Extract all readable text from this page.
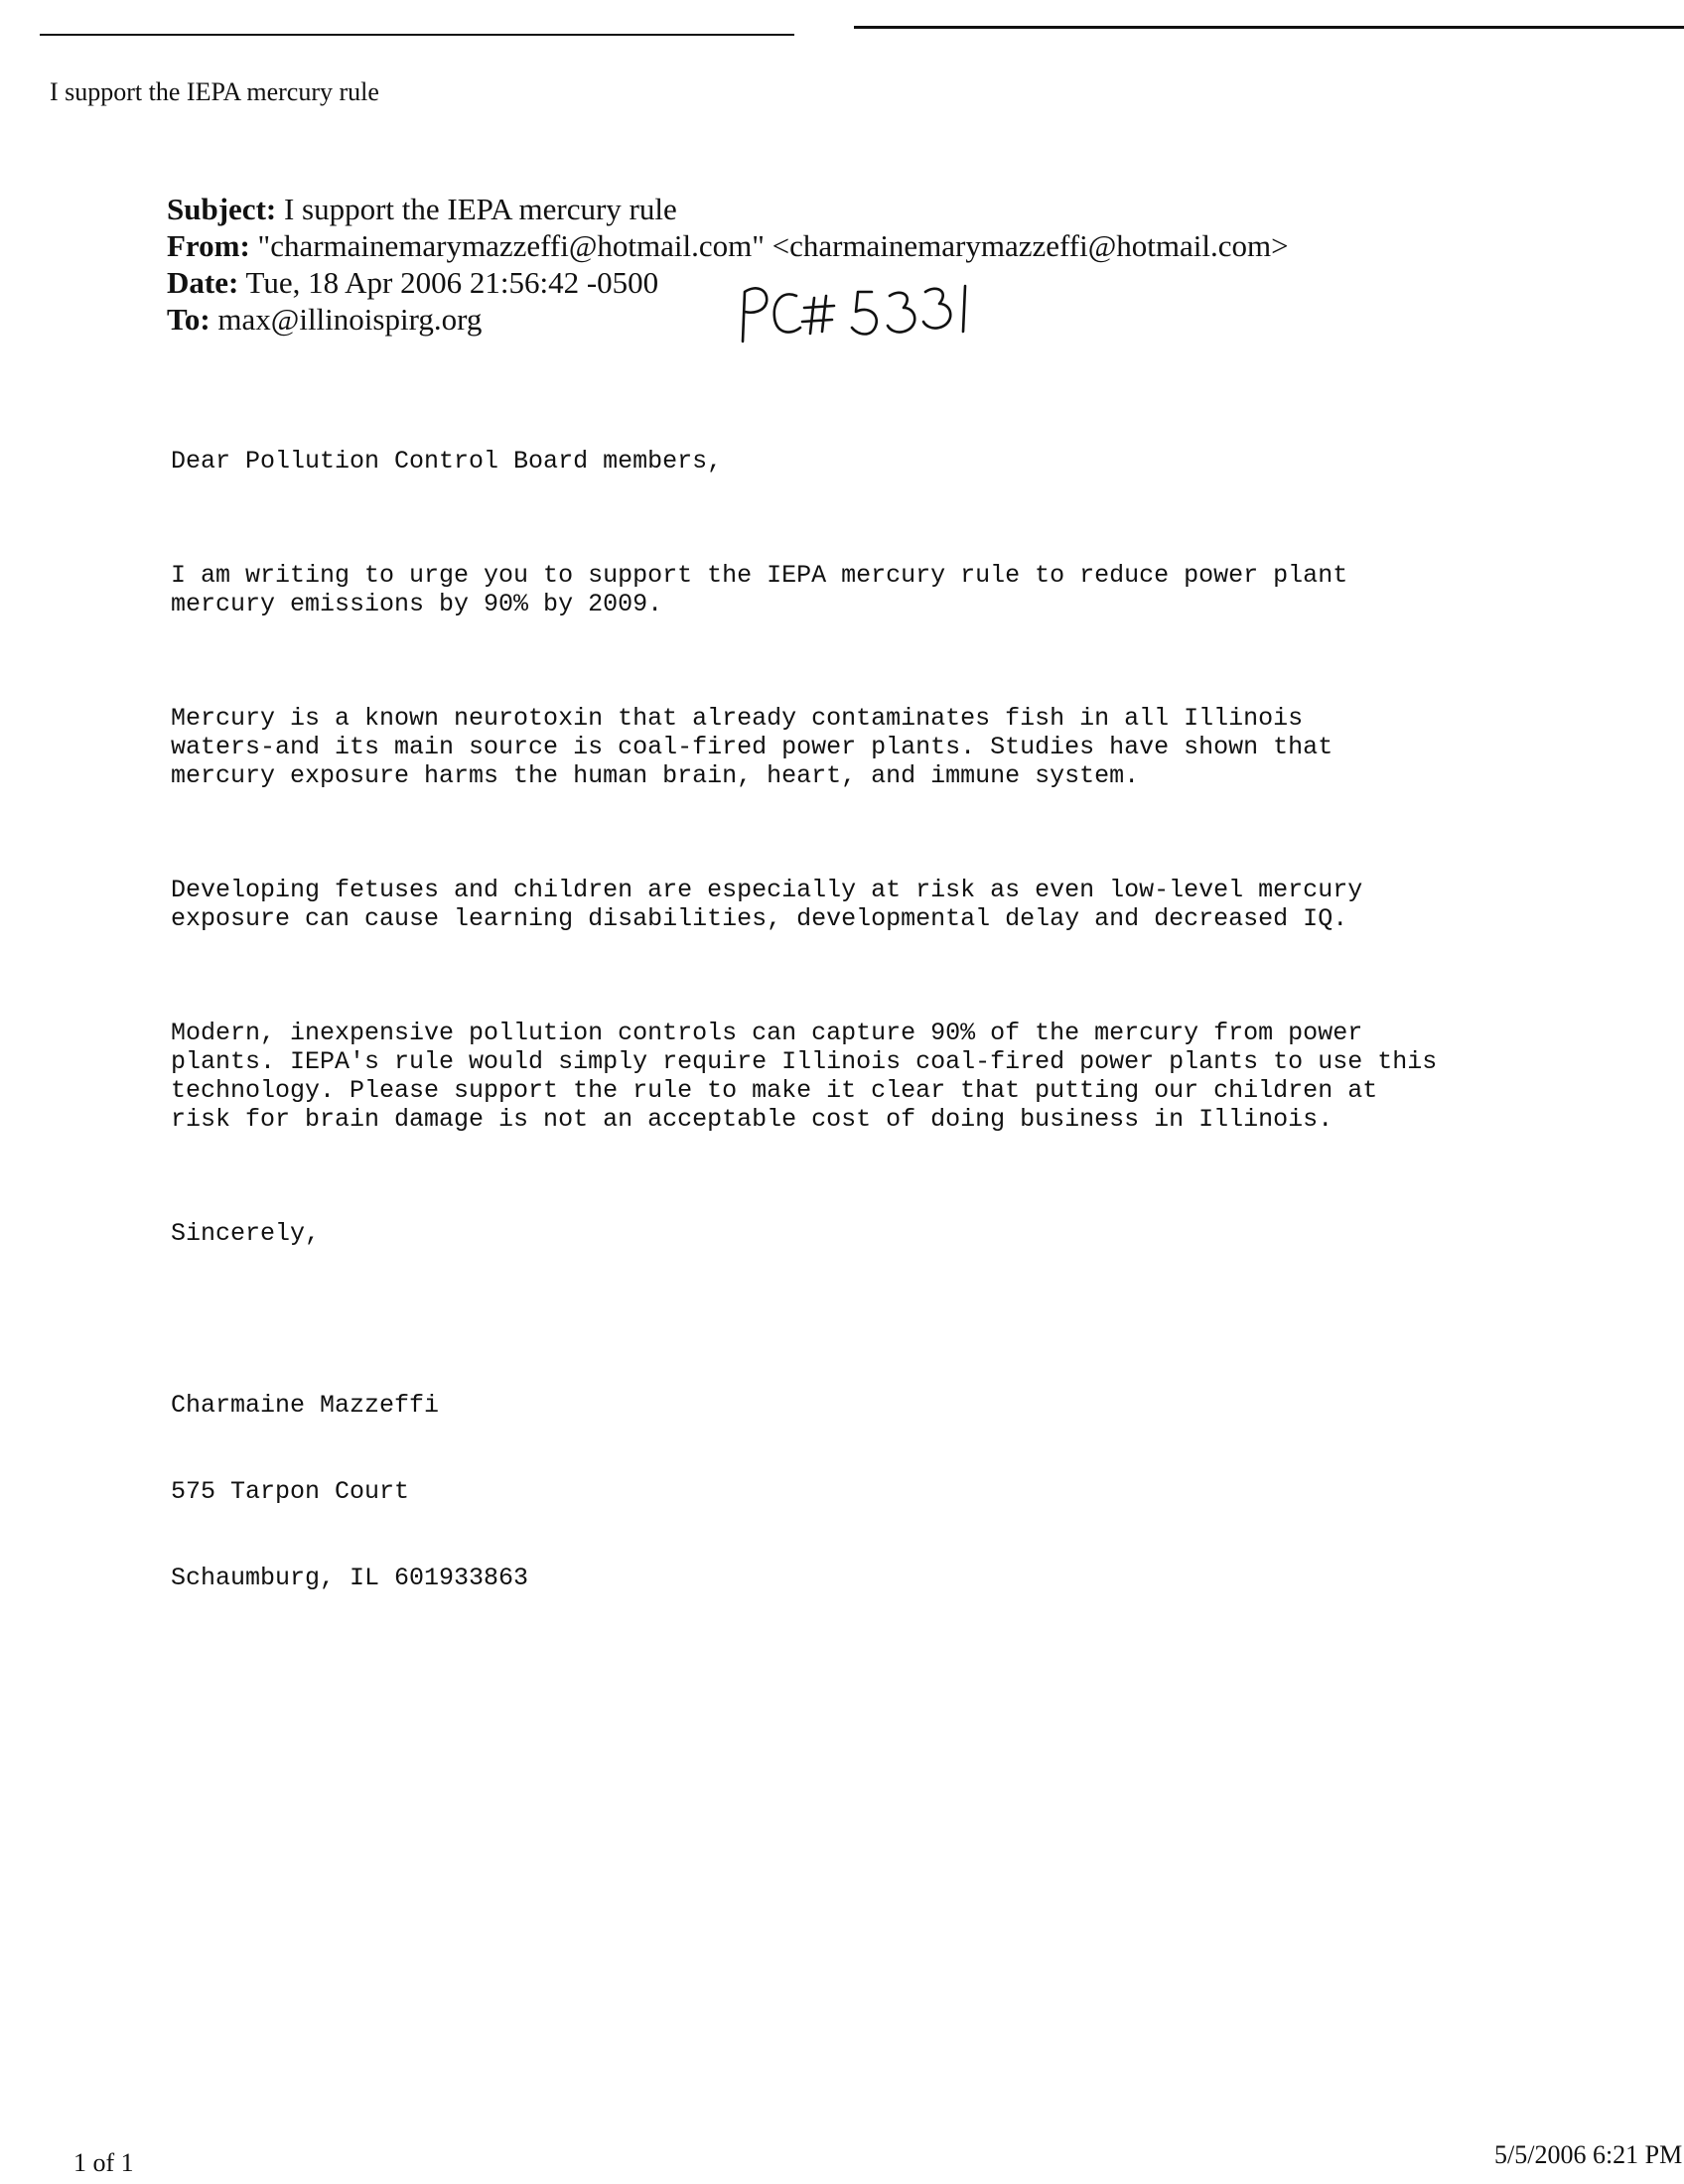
I support the IEPA mercury rule
Subject: I support the IEPA mercury rule
From: "charmainemarymazzeffi@hotmail.com" <charmainemarymazzeffi@hotmail.com>
Date: Tue, 18 Apr 2006 21:56:42 -0500
To: max@illinoispirg.org

Dear Pollution Control Board members,

I am writing to urge you to support the IEPA mercury rule to reduce power plant
mercury emissions by 90% by 2009.

Mercury is a known neurotoxin that already contaminates fish in all Illinois
waters-and its main source is coal-fired power plants. Studies have shown that
mercury exposure harms the human brain, heart, and immune system.

Developing fetuses and children are especially at risk as even low-level mercury
exposure can cause learning disabilities, developmental delay and decreased IQ.

Modern, inexpensive pollution controls can capture 90% of the mercury from power
plants. IEPA's rule would simply require Illinois coal-fired power plants to use this
technology. Please support the rule to make it clear that putting our children at
risk for brain damage is not an acceptable cost of doing business in Illinois.

Sincerely,

Charmaine Mazzeffi

575 Tarpon Court

Schaumburg, IL 601933863

1 of 1	5/5/2006 6:21 PM
